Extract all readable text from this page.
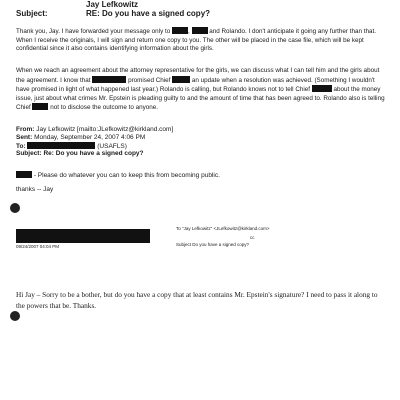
Jay Lefkowitz
Subject:	RE: Do you have a signed copy?

Thank you, Jay. I have forwarded your message only to	,	and Rolando. I don't anticipate it going any further than that. When I receive the originals, I will sign and return one copy to you. The other will be placed in the case file, which will be kept confidential since it also contains identifying information about the girls.

When we reach an agreement about the attorney representative for the girls, we can discuss what I can tell him and the girls about the agreement. I know that	promised Chief	an update when a resolution was achieved. (Something I wouldn't have promised in light of what happened last year.) Rolando is calling, but Rolando knows not to tell Chief	about the money issue, just about what crimes Mr. Epstein is pleading guilty to and the amount of time that has been agreed to. Rolando also is telling Chief	not to disclose the outcome to anyone.

From: Jay Lefkowitz [mailto:JLefkowitz@kirkland.com]
Sent: Monday, September 24, 2007 4:06 PM
To:	(USAFLS)
Subject: Re: Do you have a signed copy?
- Please do whatever you can to keep this from becoming public.
thanks -- Jay
09/24/2007 04:04 PM
To "Jay Lefkowitz" <JLefkowitz@kirkland.com>
cc
Subject Do you have a signed copy?

Hi Jay – Sorry to be a bother, but do you have a copy that at least contains Mr. Epstein's signature? I need to pass it along to the powers that be. Thanks.
